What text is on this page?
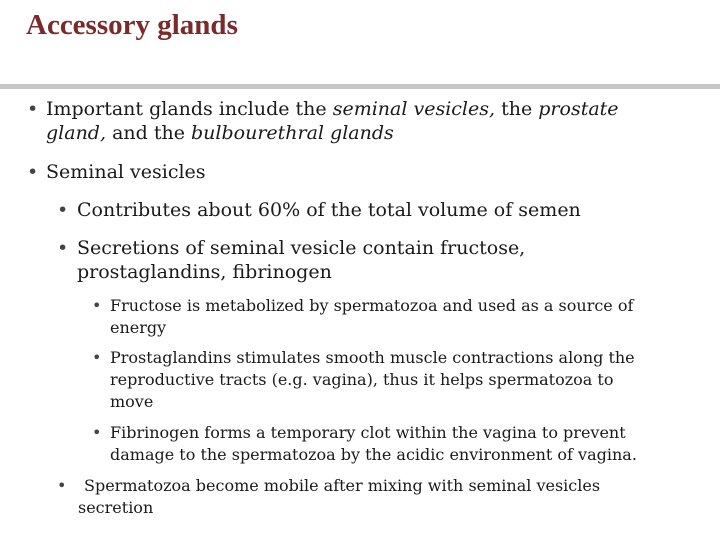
Accessory glands
• Important glands include the seminal vesicles, the prostate
gland, and the bulbourethral glands
• Seminal vesicles
• Contributes about 60% of the total volume of semen
• Secretions of seminal vesicle contain fructose,
prostaglandins, fibrinogen
• Fructose is metabolized by spermatozoa and used as a source of
energy
• Prostaglandins stimulates smooth muscle contractions along the
reproductive tracts (e.g. vagina), thus it helps spermatozoa to
move
• Fibrinogen forms a temporary clot within the vagina to prevent
damage to the spermatozoa by the acidic environment of vagina.
•	Spermatozoa become mobile after mixing with seminal vesicles
secretion
